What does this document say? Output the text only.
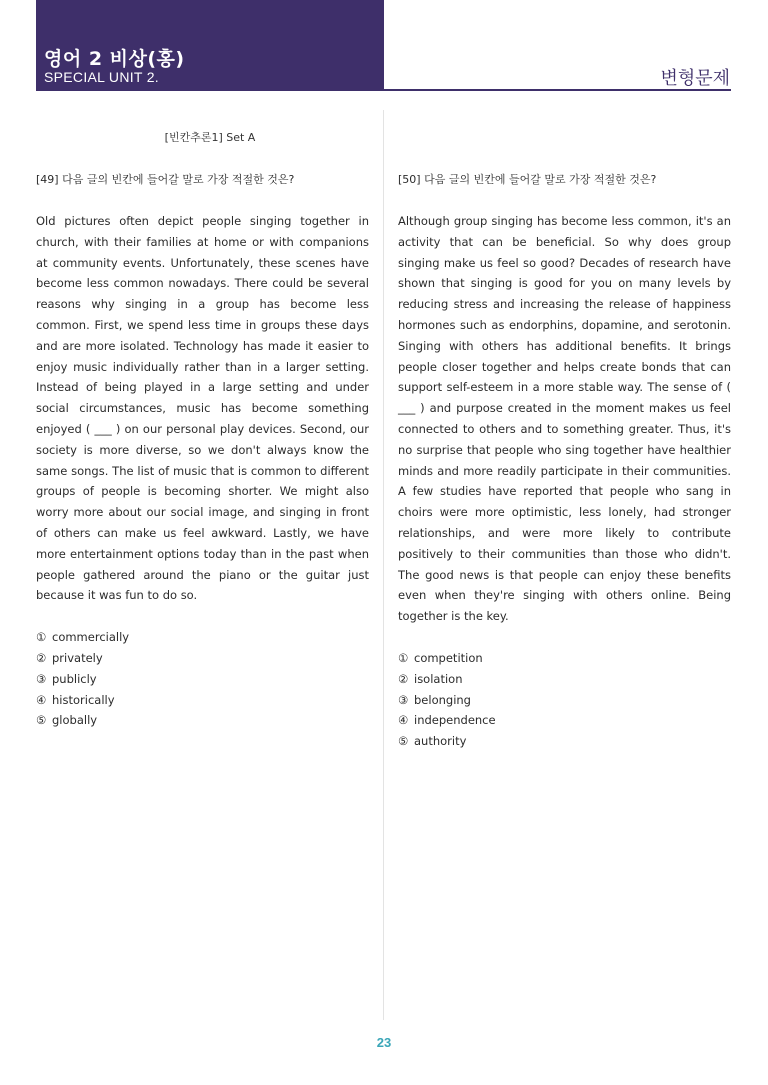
영어 2 비상(홍)
SPECIAL UNIT 2.	변형문제
[빈칸추론1] Set A

[49] 다음 글의 빈칸에 들어갈 말로 가장 적절한 것은?

Old pictures often depict people singing together in church, with their families at home or with companions at community events. Unfortunately, these scenes have become less common nowadays. There could be several reasons why singing in a group has become less common. First, we spend less time in groups these days and are more isolated. Technology has made it easier to enjoy music individually rather than in a larger setting. Instead of being played in a large setting and under social circumstances, music has become something enjoyed ( ___ ) on our personal play devices. Second, our society is more diverse, so we don't always know the same songs. The list of music that is common to different groups of people is becoming shorter. We might also worry more about our social image, and singing in front of others can make us feel awkward. Lastly, we have more entertainment options today than in the past when people gathered around the piano or the guitar just because it was fun to do so.

① commercially
② privately
③ publicly
④ historically
⑤ globally

[50] 다음 글의 빈칸에 들어갈 말로 가장 적절한 것은?

Although group singing has become less common, it's an activity that can be beneficial. So why does group singing make us feel so good? Decades of research have shown that singing is good for you on many levels by reducing stress and increasing the release of happiness hormones such as endorphins, dopamine, and serotonin. Singing with others has additional benefits. It brings people closer together and helps create bonds that can support self-esteem in a more stable way. The sense of ( ___ ) and purpose created in the moment makes us feel connected to others and to something greater. Thus, it's no surprise that people who sing together have healthier minds and more readily participate in their communities. A few studies have reported that people who sang in choirs were more optimistic, less lonely, had stronger relationships, and were more likely to contribute positively to their communities than those who didn't. The good news is that people can enjoy these benefits even when they're singing with others online. Being together is the key.

① competition
② isolation
③ belonging
④ independence
⑤ authority
23
